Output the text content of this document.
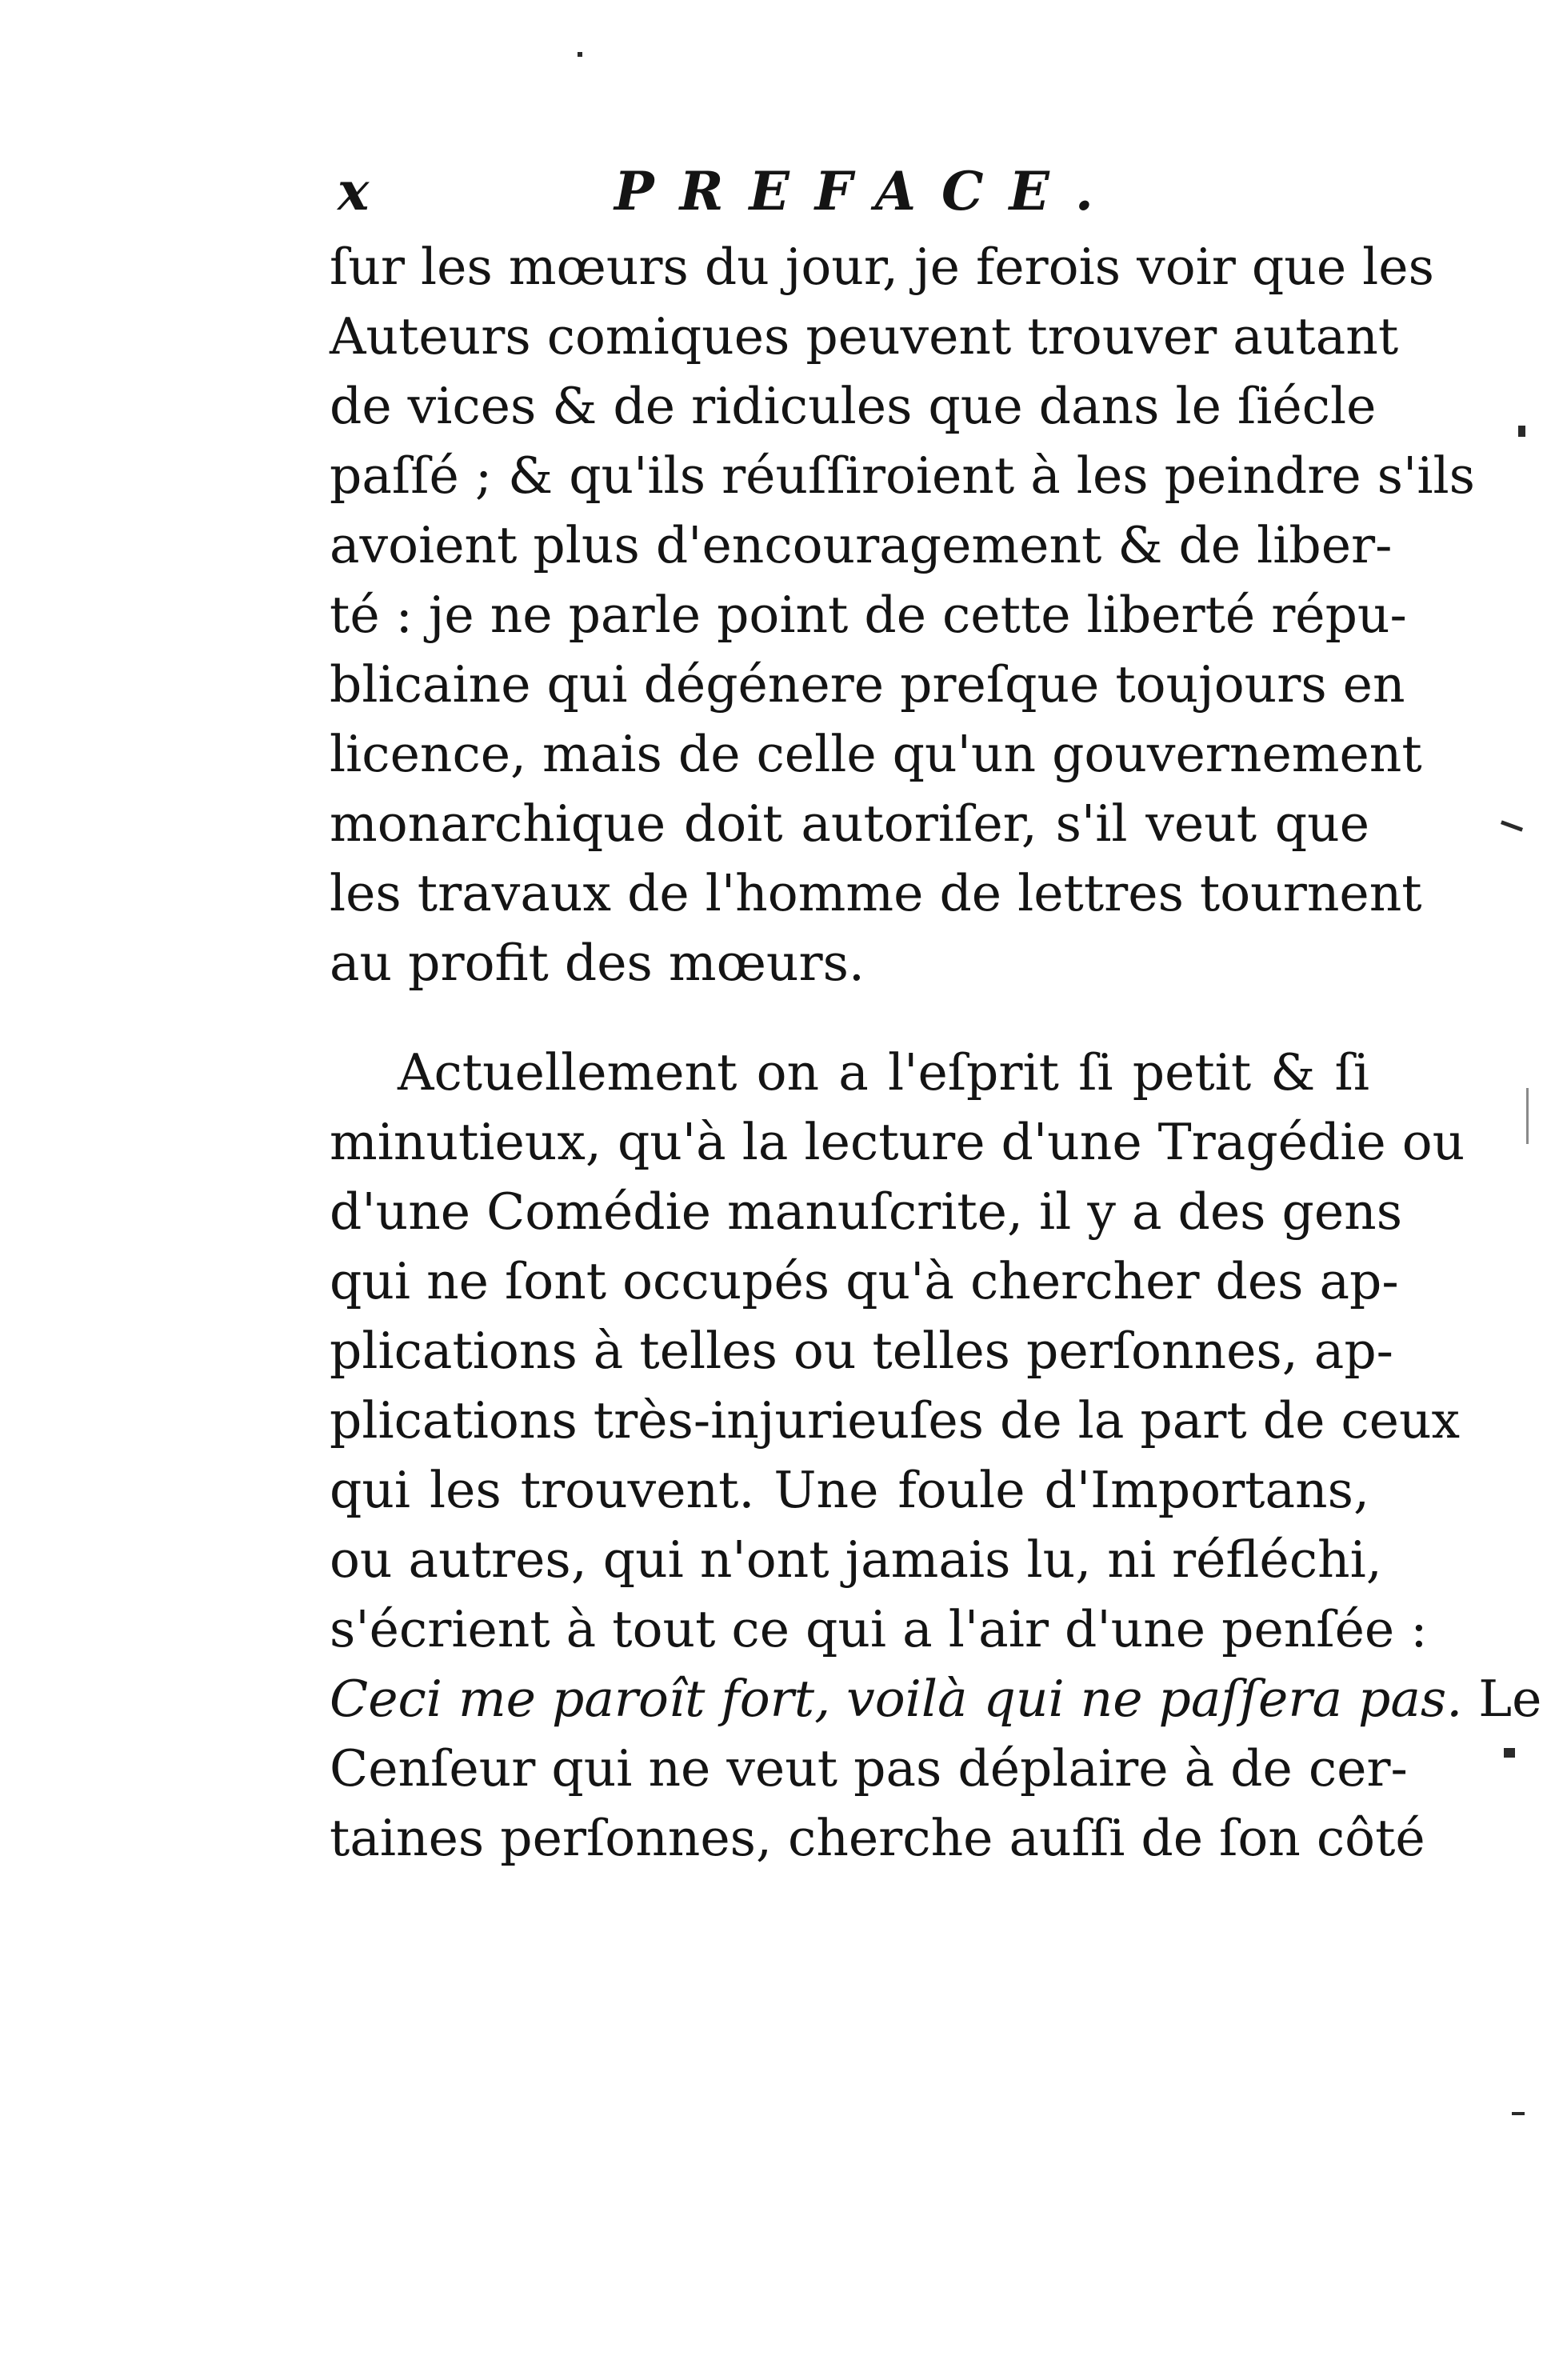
x	PREFACE.
ſur les mœurs du jour, je ferois voir que les
Auteurs comiques peuvent trouver autant
de vices & de ridicules que dans le ſiécle
paſſé ; & qu'ils réuſſiroient à les peindre s'ils
avoient plus d'encouragement & de liber-
té : je ne parle point de cette liberté répu-
blicaine qui dégénere preſque toujours en
licence, mais de celle qu'un gouvernement
monarchique doit autoriſer, s'il veut que
les travaux de l'homme de lettres tournent
au profit des mœurs.
Actuellement on a l'eſprit ſi petit & ſi
minutieux, qu'à la lecture d'une Tragédie ou
d'une Comédie manuſcrite, il y a des gens
qui ne ſont occupés qu'à chercher des ap-
plications à telles ou telles perſonnes, ap-
plications très-injurieuſes de la part de ceux
qui les trouvent. Une foule d'Importans,
ou autres, qui n'ont jamais lu, ni réfléchi,
s'écrient à tout ce qui a l'air d'une penſée :
Ceci me paroît fort, voilà qui ne paſſera pas. Le
Cenſeur qui ne veut pas déplaire à de cer-
taines perſonnes, cherche auſſi de ſon côté
